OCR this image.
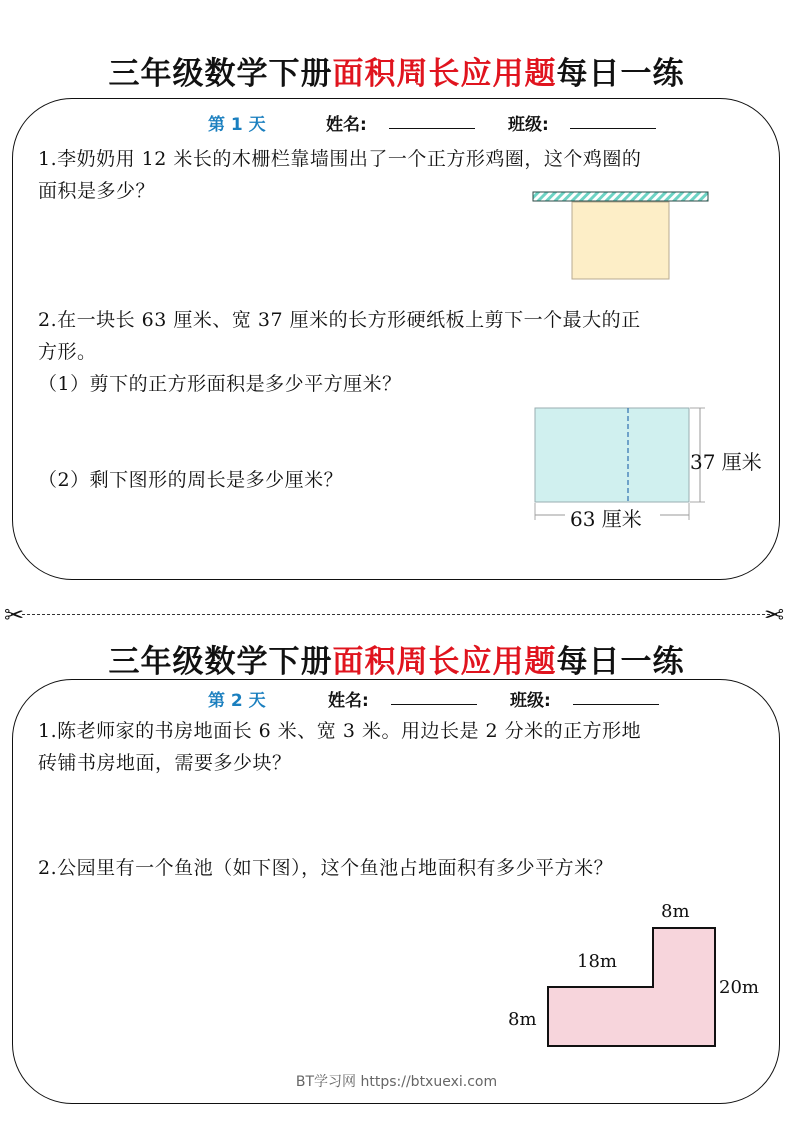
三年级数学下册面积周长应用题每日一练
第 1 天	姓名:	班级:
1.李奶奶用 12 米长的木栅栏靠墙围出了一个正方形鸡圈，这个鸡圈的
面积是多少？
2.在一块长 63 厘米、宽 37 厘米的长方形硬纸板上剪下一个最大的正
方形。
（1）剪下的正方形面积是多少平方厘米？
（2）剩下图形的周长是多少厘米？
37 厘米
63 厘米
✂	✂
三年级数学下册面积周长应用题每日一练
第 2 天	姓名:	班级:
1.陈老师家的书房地面长 6 米、宽 3 米。用边长是 2 分米的正方形地
砖铺书房地面，需要多少块？
2.公园里有一个鱼池（如下图），这个鱼池占地面积有多少平方米？
8m
18m
20m
8m
BT学习网 https://btxuexi.com
